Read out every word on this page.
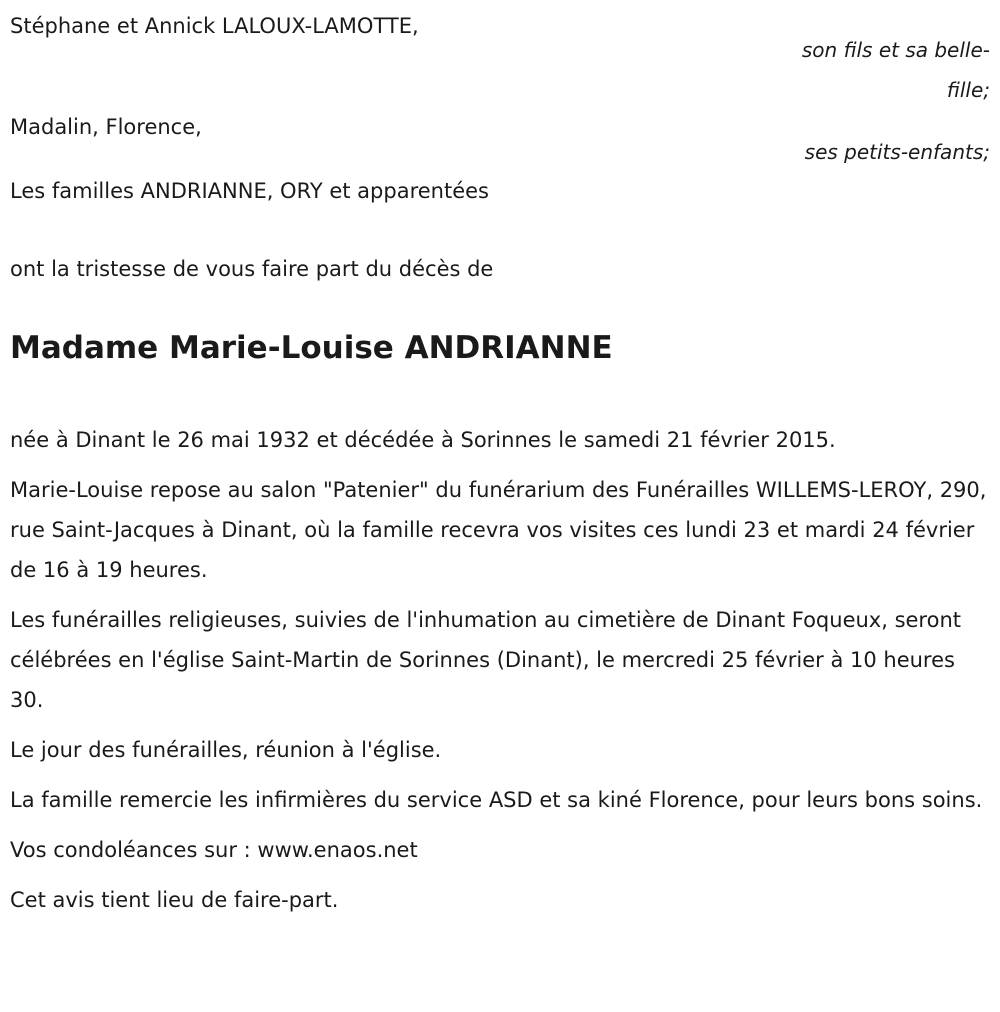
Stéphane et Annick LALOUX-LAMOTTE,
son fils et sa belle-
fille;
Madalin, Florence,
ses petits-enfants;
Les familles ANDRIANNE, ORY et apparentées
ont la tristesse de vous faire part du décès de
Madame Marie-Louise ANDRIANNE

née à Dinant le 26 mai 1932 et décédée à Sorinnes le samedi 21 février 2015.

Marie-Louise repose au salon "Patenier" du funérarium des Funérailles WILLEMS-LEROY, 290, rue Saint-Jacques à Dinant, où la famille recevra vos visites ces lundi 23 et mardi 24 février de 16 à 19 heures.

Les funérailles religieuses, suivies de l'inhumation au cimetière de Dinant Foqueux, seront célébrées en l'église Saint-Martin de Sorinnes (Dinant), le mercredi 25 février à 10 heures 30.

Le jour des funérailles, réunion à l'église.

La famille remercie les infirmières du service ASD et sa kiné Florence, pour leurs bons soins.

Vos condoléances sur : www.enaos.net

Cet avis tient lieu de faire-part.
